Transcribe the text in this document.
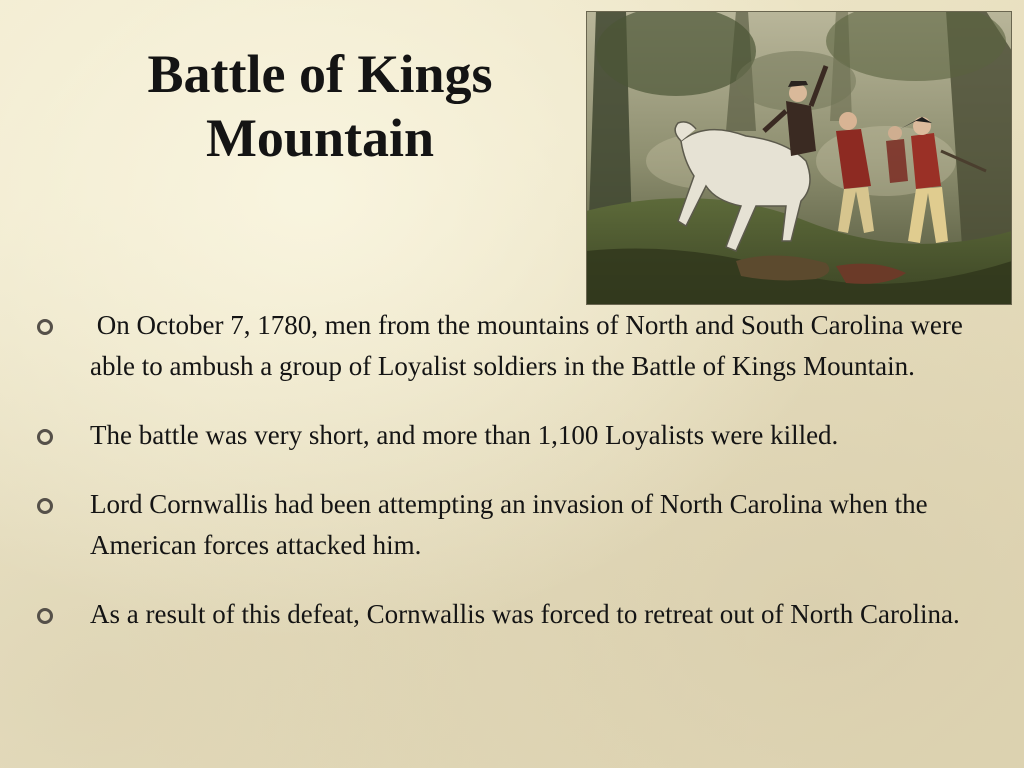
Battle of Kings
Mountain
On October 7, 1780, men from the mountains of North and South Carolina were able to ambush a group of Loyalist soldiers in the Battle of Kings Mountain.
The battle was very short, and more than 1,100 Loyalists were killed.
Lord Cornwallis had been attempting an invasion of North Carolina when the American forces attacked him.
As a result of this defeat, Cornwallis was forced to retreat out of North Carolina.
